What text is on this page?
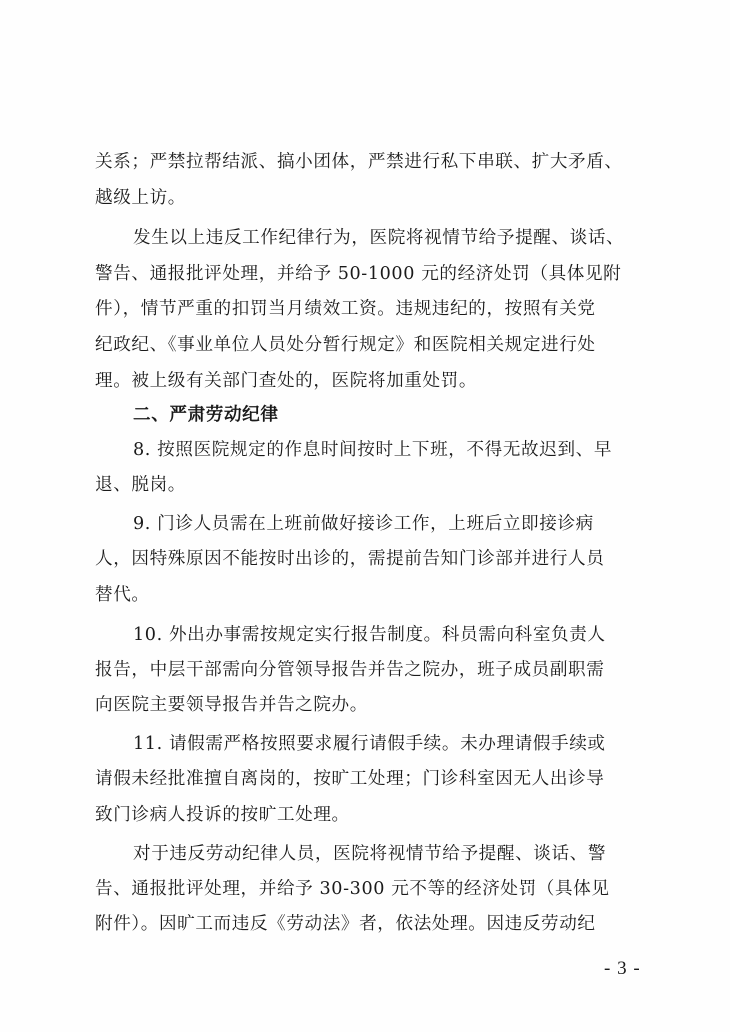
关系；严禁拉帮结派、搞小团体，严禁进行私下串联、扩大矛盾、
越级上访。
发生以上违反工作纪律行为，医院将视情节给予提醒、谈话、
警告、通报批评处理，并给予 50-1000 元的经济处罚（具体见附
件），情节严重的扣罚当月绩效工资。违规违纪的，按照有关党
纪政纪、《事业单位人员处分暂行规定》和医院相关规定进行处
理。被上级有关部门查处的，医院将加重处罚。
二、严肃劳动纪律
8. 按照医院规定的作息时间按时上下班，不得无故迟到、早
退、脱岗。
9. 门诊人员需在上班前做好接诊工作，上班后立即接诊病
人，因特殊原因不能按时出诊的，需提前告知门诊部并进行人员
替代。
10. 外出办事需按规定实行报告制度。科员需向科室负责人
报告，中层干部需向分管领导报告并告之院办，班子成员副职需
向医院主要领导报告并告之院办。
11. 请假需严格按照要求履行请假手续。未办理请假手续或
请假未经批准擅自离岗的，按旷工处理；门诊科室因无人出诊导
致门诊病人投诉的按旷工处理。
对于违反劳动纪律人员，医院将视情节给予提醒、谈话、警
告、通报批评处理，并给予 30-300 元不等的经济处罚（具体见
附件）。因旷工而违反《劳动法》者，依法处理。因违反劳动纪
- 3 -
